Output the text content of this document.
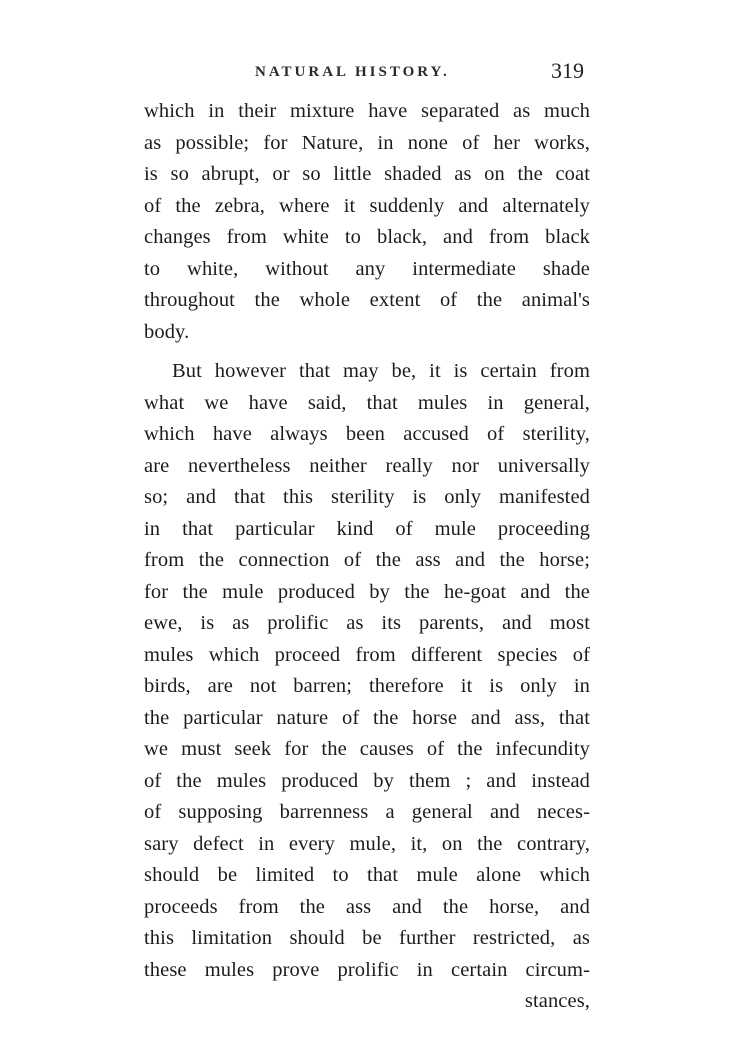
NATURAL HISTORY.	319
which in their mixture have separated as much
as possible; for Nature, in none of her works,
is so abrupt, or so little shaded as on the coat
of the zebra, where it suddenly and alternately
changes from white to black, and from black
to white, without any intermediate shade
throughout the whole extent of the animal's
body.
But however that may be, it is certain from
what we have said, that mules in general,
which have always been accused of sterility,
are nevertheless neither really nor universally
so; and that this sterility is only manifested
in that particular kind of mule proceeding
from the connection of the ass and the horse;
for the mule produced by the he-goat and the
ewe, is as prolific as its parents, and most
mules which proceed from different species of
birds, are not barren; therefore it is only in
the particular nature of the horse and ass, that
we must seek for the causes of the infecundity
of the mules produced by them ; and instead
of supposing barrenness a general and neces-
sary defect in every mule, it, on the contrary,
should be limited to that mule alone which
proceeds from the ass and the horse, and
this limitation should be further restricted, as
these mules prove prolific in certain circum-
stances,
